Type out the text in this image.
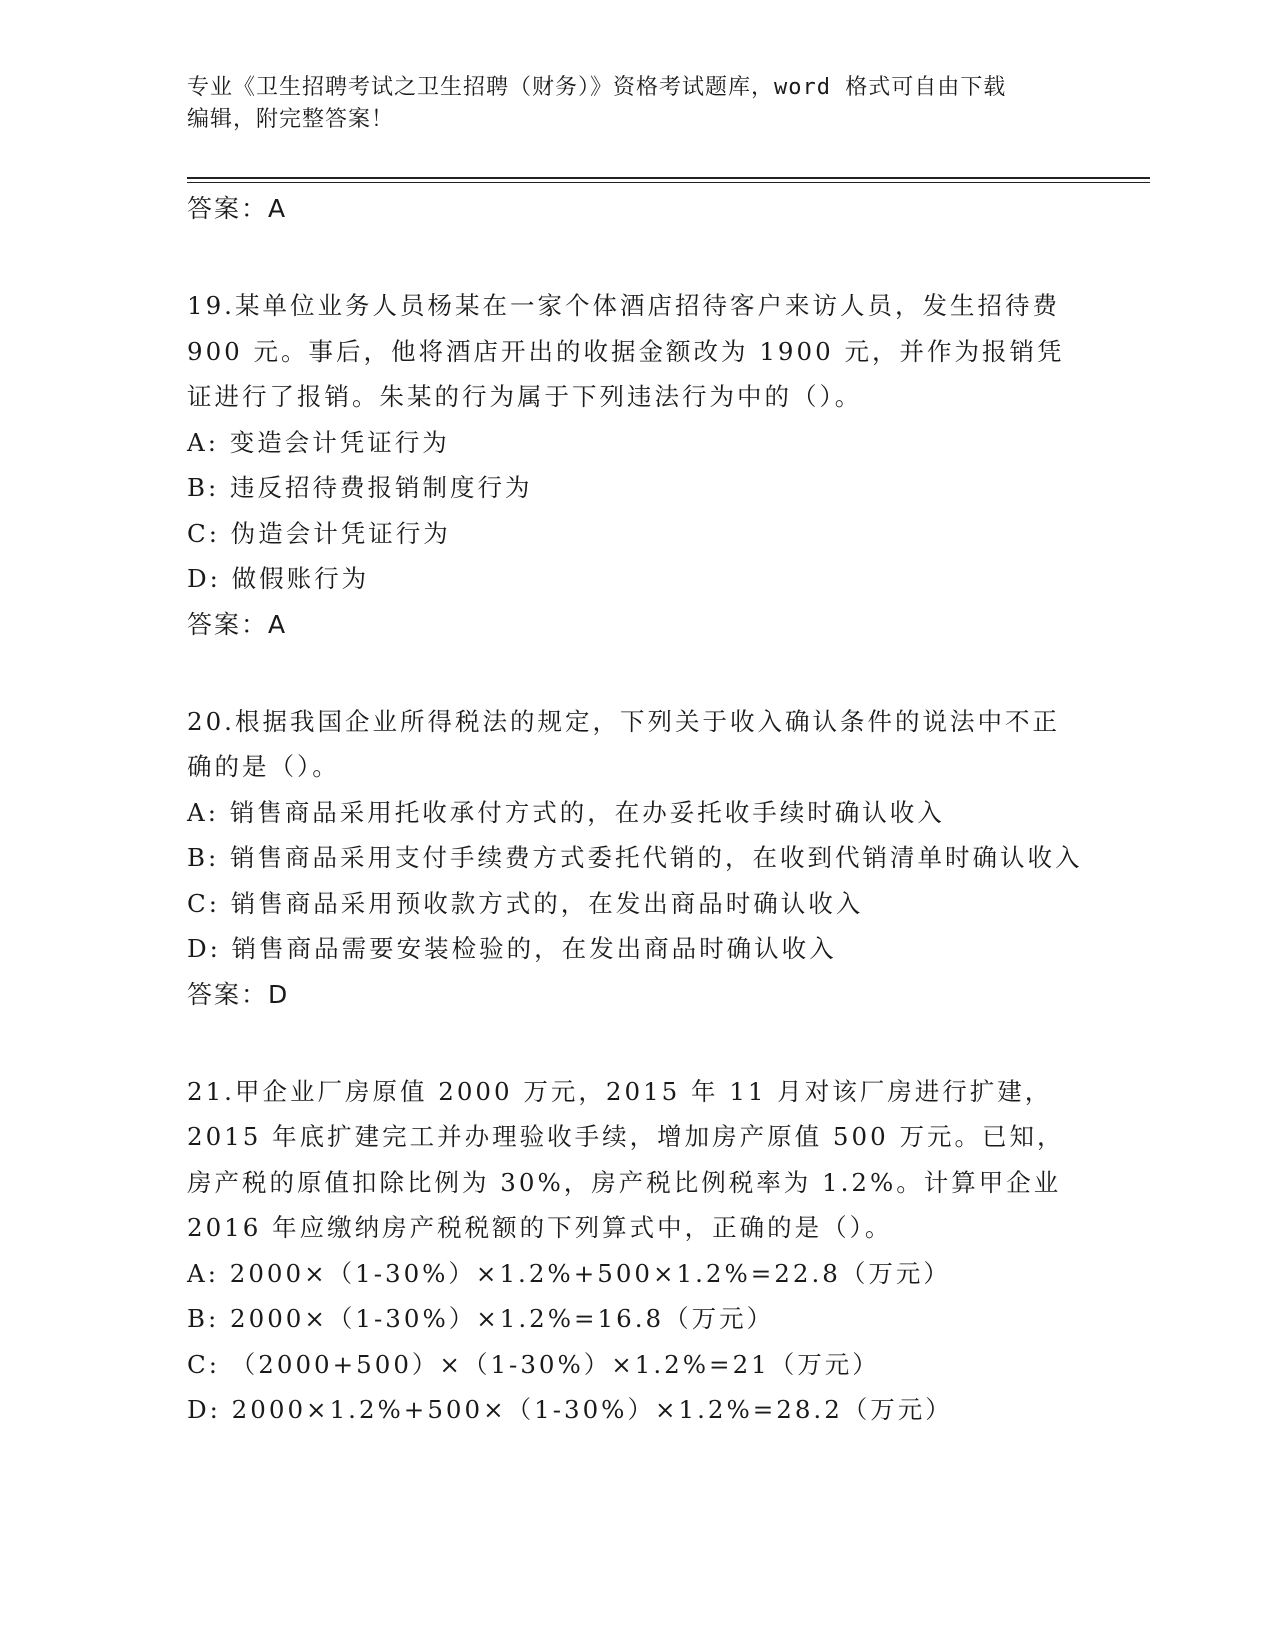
专业《卫生招聘考试之卫生招聘（财务）》资格考试题库，word 格式可自由下载
编辑，附完整答案！
答案：A
19.某单位业务人员杨某在一家个体酒店招待客户来访人员，发生招待费 900 元。事后，他将酒店开出的收据金额改为 1900 元，并作为报销凭证进行了报销。朱某的行为属于下列违法行为中的（）。
A: 变造会计凭证行为
B: 违反招待费报销制度行为
C: 伪造会计凭证行为
D: 做假账行为
答案：A
20.根据我国企业所得税法的规定，下列关于收入确认条件的说法中不正确的是（）。
A: 销售商品采用托收承付方式的，在办妥托收手续时确认收入
B: 销售商品采用支付手续费方式委托代销的，在收到代销清单时确认收入
C: 销售商品采用预收款方式的，在发出商品时确认收入
D: 销售商品需要安装检验的，在发出商品时确认收入
答案：D
21.甲企业厂房原值 2000 万元，2015 年 11 月对该厂房进行扩建，2015 年底扩建完工并办理验收手续，增加房产原值 500 万元。已知，房产税的原值扣除比例为 30%，房产税比例税率为 1.2%。计算甲企业 2016 年应缴纳房产税税额的下列算式中，正确的是（）。
A: 2000×（1-30%）×1.2%+500×1.2%=22.8（万元）
B: 2000×（1-30%）×1.2%=16.8（万元）
C: （2000+500）×（1-30%）×1.2%=21（万元）
D: 2000×1.2%+500×（1-30%）×1.2%=28.2（万元）
